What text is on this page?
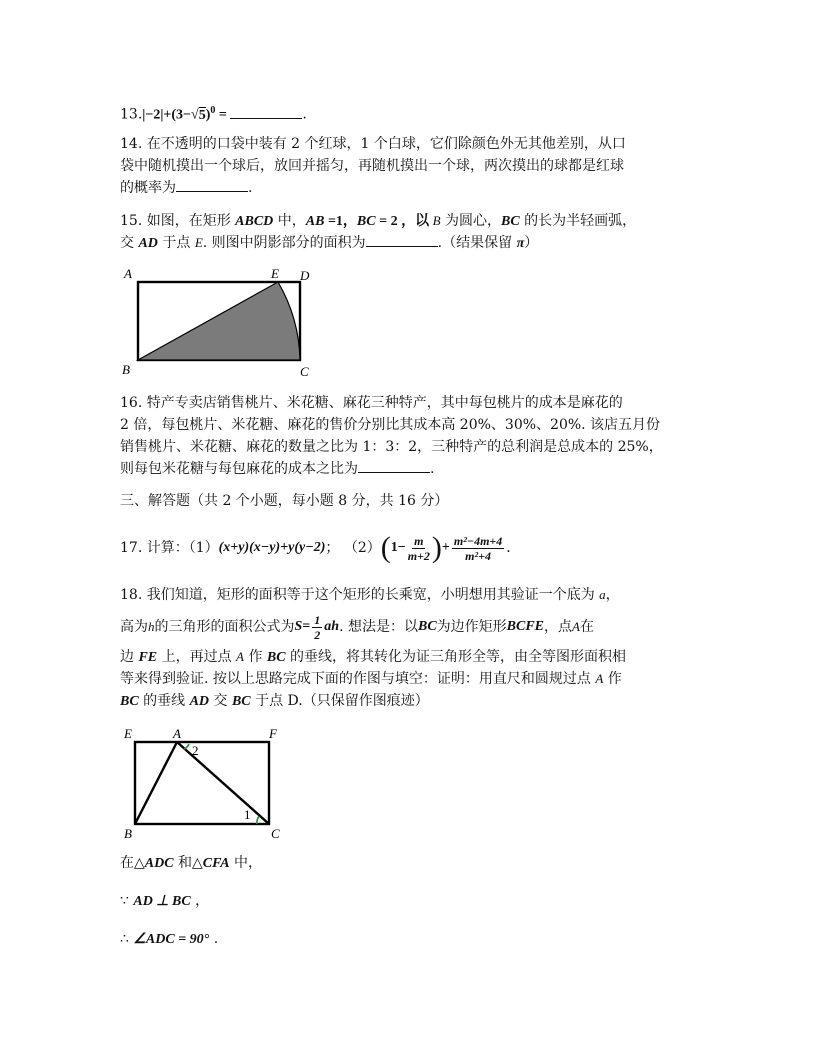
$13.|-2|+(3-√5)^0$ =	.
14. 在不透明的口袋中装有 2 个红球，1 个白球，它们除颜色外无其他差别，从口
袋中随机摸出一个球后，放回并摇匀，再随机摸出一个球，两次摸出的球都是红球
的概率为	.
15. 如图，在矩形 ABCD 中，AB =1，BC = 2 ，以 B 为圆心，BC 的长为半轻画弧，
交 AD 于点 E. 则图中阴影部分的面积为	.（结果保留 π）
A	E D
B	C
16. 特产专卖店销售桃片、米花糖、麻花三种特产，其中每包桃片的成本是麻花的
2 倍，每包桃片、米花糖、麻花的售价分别比其成本高 20%、30%、20%. 该店五月份
销售桃片、米花糖、麻花的数量之比为 1：3：2，三种特产的总利润是总成本的 25%，
则每包米花糖与每包麻花的成本之比为	.
三、解答题（共 2 个小题，每小题 8 分，共 16 分）
17. 计算：（1） (x+y)(x−y)+y(y−2) ； （2） ( $1- \frac{m}{m+2}$ ) + $\frac{\text{m²−4m+4}}{\text{m²+4}}$ .
18. 我们知道，矩形的面积等于这个矩形的长乘宽，小明想用其验证一个底为 a，
高为 h 的三角形的面积公式为 $S = \frac{1}{2}$ ah . 想法是：以 BC 为边作矩形 BCFE ，点 A 在
边 FE 上，再过点 A 作 BC 的垂线，将其转化为证三角形全等，由全等图形面积相
等来得到验证. 按以上思路完成下面的作图与填空：证明：用直尺和圆规过点 A 作
BC 的垂线 AD 交 BC 于点 D.（只保留作图痕迹）
E	A	F
B	C
2
1
在△ADC 和△CFA 中，
∵ AD ⊥ BC ，
∴ ∠ADC = 90° .
